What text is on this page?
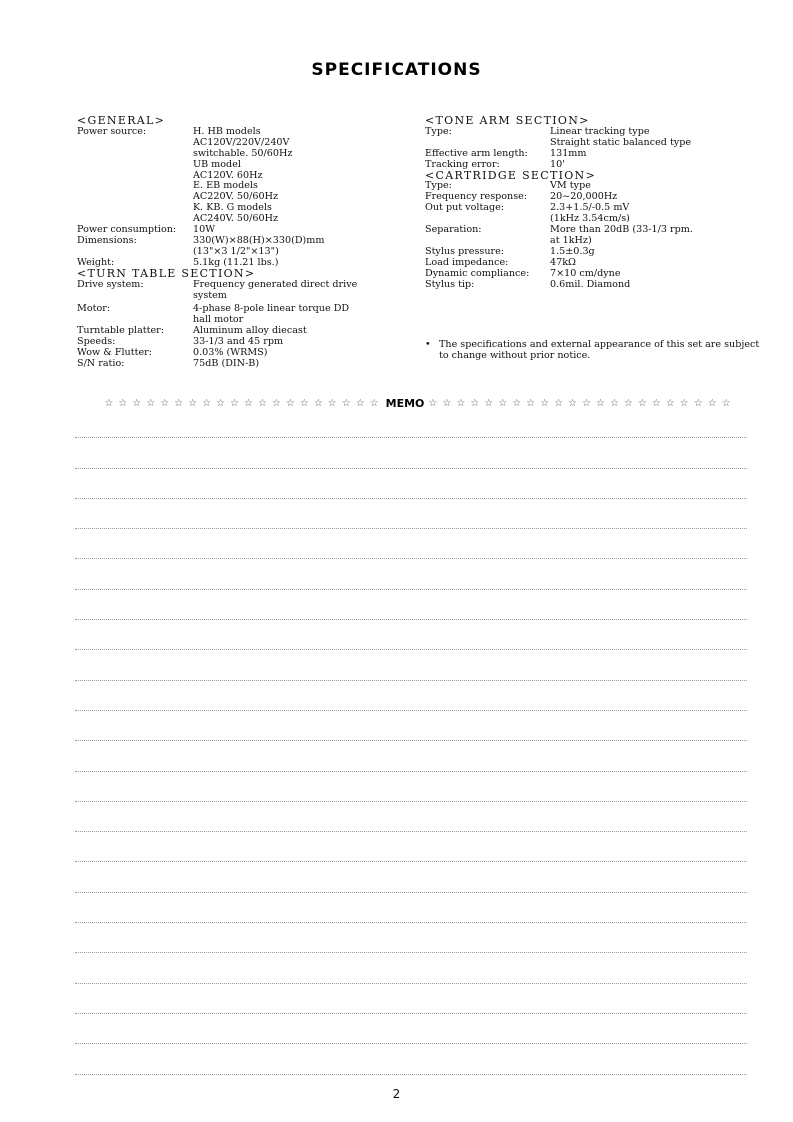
SPECIFICATIONS
<GENERAL>
Power source:	H. HB models
AC120V/220V/240V
switchable. 50/60Hz
UB model
AC120V. 60Hz
E. EB models
AC220V. 50/60Hz
K. KB. G models
AC240V. 50/60Hz
Power consumption:	10W
Dimensions:	330(W)×88(H)×330(D)mm
(13"×3 1/2"×13")
Weight:	5.1kg (11.21 lbs.)
<TURN TABLE SECTION>
Drive system:	Frequency generated direct drive
system
Motor:	4-phase 8-pole linear torque DD
hall motor
Turntable platter:	Aluminum alloy diecast
Speeds:	33-1/3 and 45 rpm
Wow & Flutter:	0.03% (WRMS)
S/N ratio:	75dB (DIN-B)
<TONE ARM SECTION>
Type:	Linear tracking type
Straight static balanced type
Effective arm length:	131mm
Tracking error:	10'
<CARTRIDGE SECTION>
Type:	VM type
Frequency response:	20~20,000Hz
Out put voltage:	2.3+1.5/-0.5 mV
(1kHz 3.54cm/s)
Separation:	More than 20dB (33-1/3 rpm.
at 1kHz)
Stylus pressure:	1.5±0.3g
Load impedance:	47kΩ
Dynamic compliance:	7×10 cm/dyne
Stylus tip:	0.6mil. Diamond
• The specifications and external appearance of this set are subject to change without prior notice.
☆☆☆☆☆☆☆☆☆☆☆☆☆☆☆☆☆☆☆☆ MEMO ☆☆☆☆☆☆☆☆☆☆☆☆☆☆☆☆☆☆☆☆☆☆
2
